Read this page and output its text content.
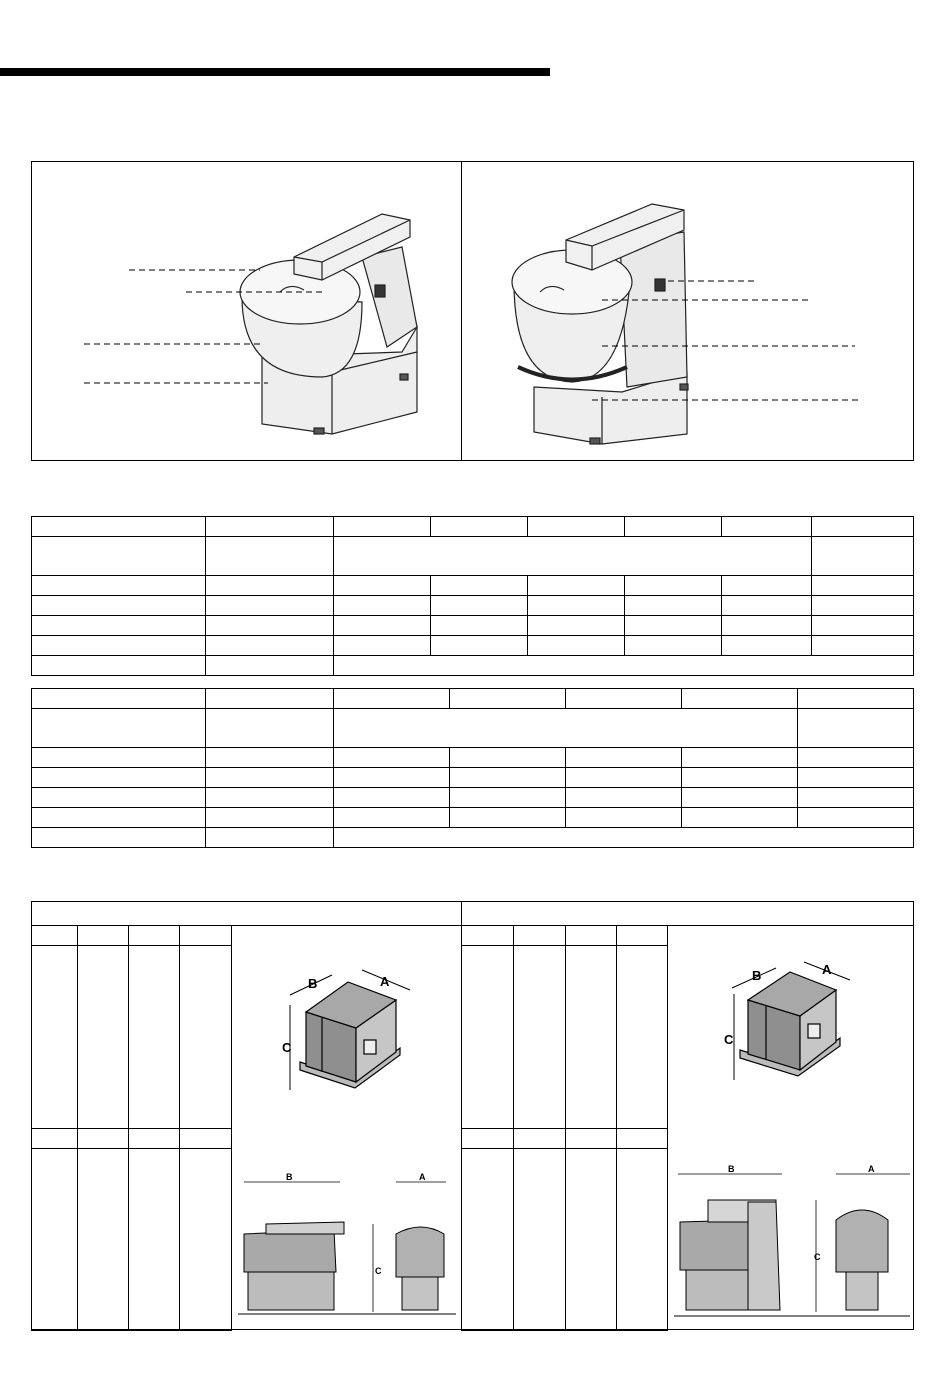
B	A
C
B	A
C
B	A
C
B	A
C
